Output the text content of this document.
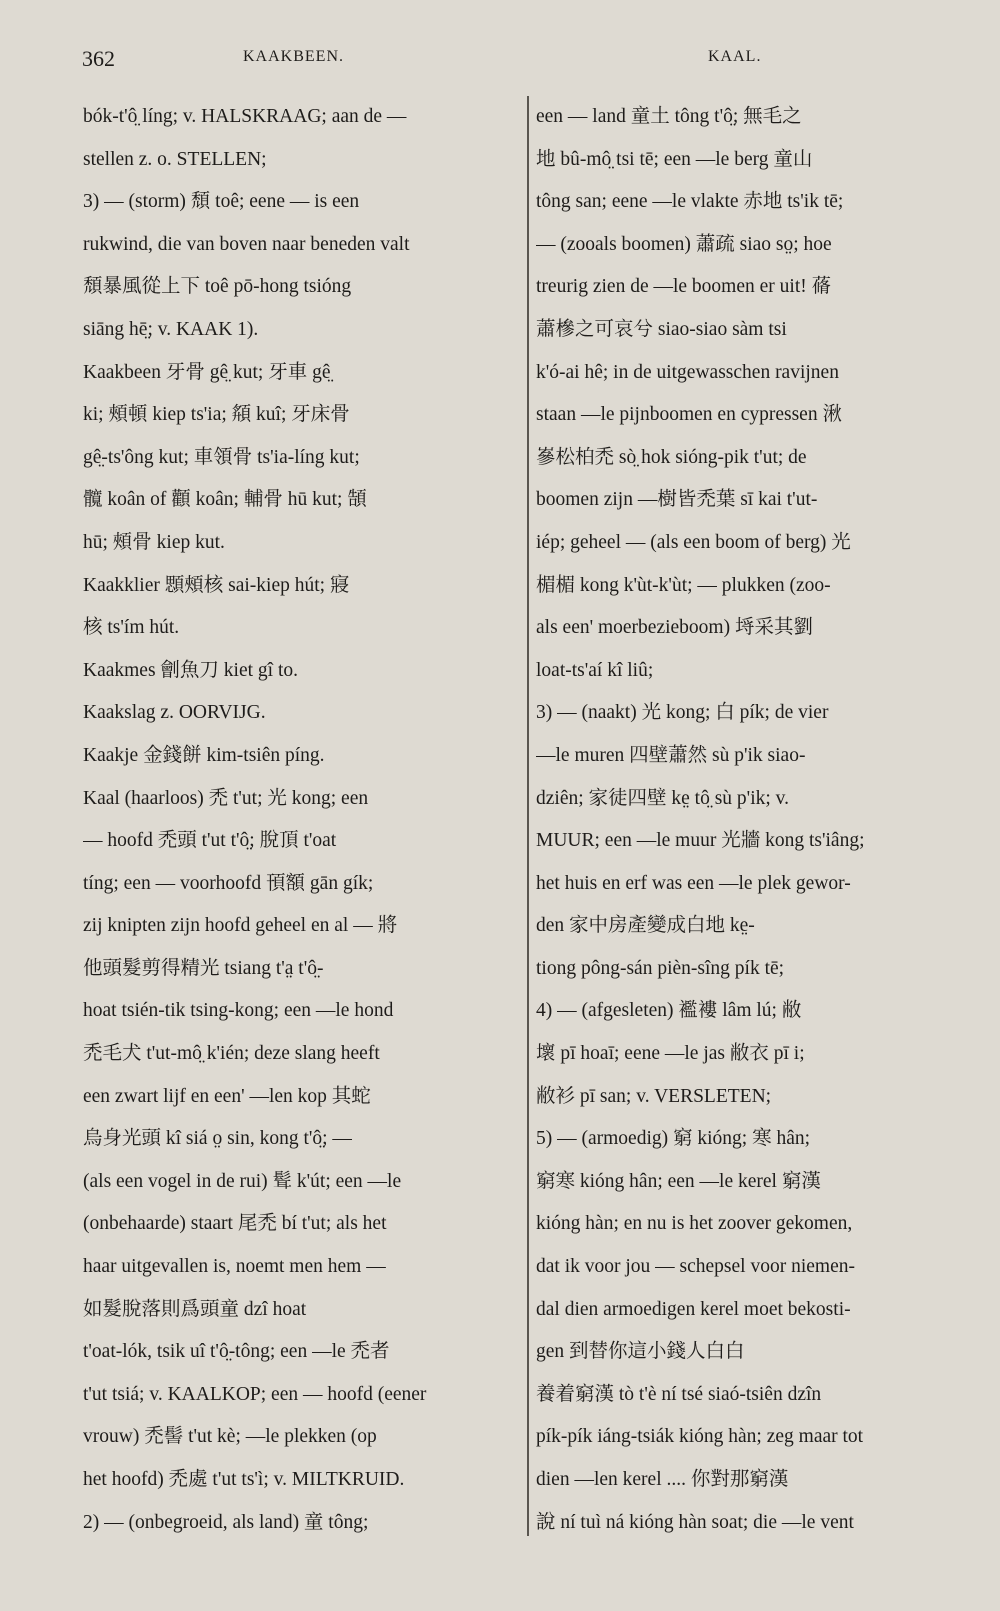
362	KAAKBEEN.	KAAL.
bók-t'ô̤ líng; v. HALSKRAAG; aan de —
stellen z. o. STELLEN;
3) — (storm) 頹 toê; eene — is een
rukwind, die van boven naar beneden valt
頹暴風從上下 toê pō-hong tsióng
siāng hē̤; v. KAAK 1).
Kaakbeen 牙骨 gê̤ kut; 牙車 gê̤
ki; 頰頓 kiep ts'ia; 頯 kuî; 牙床骨
gê̤-ts'ông kut; 車領骨 ts'ia-líng kut;
髖 koân of 顴 koân; 輔骨 hū kut; 頶
hū; 頰骨 kiep kut.
Kaakklier 顋頰核 sai-kiep hút; 寢
核 ts'ím hút.
Kaakmes 劊魚刀 kiet gî to.
Kaakslag z. OORVIJG.
Kaakje 金錢餅 kim-tsiên píng.
Kaal (haarloos) 禿 t'ut; 光 kong; een
— hoofd 禿頭 t'ut t'ô̤; 脫頂 t'oat
tíng; een — voorhoofd 頇額 gān gík;
zij knipten zijn hoofd geheel en al — 將
他頭髮剪得精光 tsiang t'a̤ t'ô̤-
hoat tsién-tik tsing-kong; een —le hond
禿毛犬 t'ut-mô̤ k'ién; deze slang heeft
een zwart lijf en een' —len kop 其蛇
烏身光頭 kî siá o̤ sin, kong t'ô̤; —
(als een vogel in de rui) 髶 k'út; een —le
(onbehaarde) staart 尾禿 bí t'ut; als het
haar uitgevallen is, noemt men hem —
如髮脫落則爲頭童 dzî hoat
t'oat-lók, tsik uî t'ô̤-tông; een —le 禿者
t'ut tsiá; v. KAALKOP; een — hoofd (eener
vrouw) 禿髻 t'ut kè; —le plekken (op
het hoofd) 禿處 t'ut ts'ì; v. MILTKRUID.
2) — (onbegroeid, als land) 童 tông;
een — land 童土 tông t'ô̤; 無毛之
地 bû-mô̤ tsi tē; een —le berg 童山
tông san; eene —le vlakte 赤地 ts'ik tē;
— (zooals boomen) 蕭疏 siao so̤; hoe
treurig zien de —le boomen er uit! 蓨
蕭槮之可哀兮 siao-siao sàm tsi
k'ó-ai hê; in de uitgewasschen ravijnen
staan —le pijnboomen en cypressen 湫
嵾松柏禿 sò̤ hok sióng-pik t'ut; de
boomen zijn —樹皆禿葉 sī kai t'ut-
iép; geheel — (als een boom of berg) 光
楣楣 kong k'ùt-k'ùt; — plukken (zoo-
als een' moerbezieboom) 埓采其劉
loat-ts'aí kî liû;
3) — (naakt) 光 kong; 白 pík; de vier
—le muren 四壁蕭然 sù p'ik siao-
dziên; 家徒四壁 ke̤ tô̤ sù p'ik; v.
MUUR; een —le muur 光牆 kong ts'iâng;
het huis en erf was een —le plek gewor-
den 家中房產變成白地 ke̤-
tiong pông-sán pièn-sîng pík tē;
4) — (afgesleten) 襤褸 lâm lú; 敝
壞 pī hoaī; eene —le jas 敝衣 pī i;
敝衫 pī san; v. VERSLETEN;
5) — (armoedig) 窮 kióng; 寒 hân;
窮寒 kióng hân; een —le kerel 窮漢
kióng hàn; en nu is het zoover gekomen,
dat ik voor jou — schepsel voor niemen-
dal dien armoedigen kerel moet bekosti-
gen 到替你這小錢人白白
養着窮漢 tò t'è ní tsé siaó-tsiên dzîn
pík-pík iáng-tsiák kióng hàn; zeg maar tot
dien —len kerel .... 你對那窮漢
說 ní tuì ná kióng hàn soat; die —le vent
